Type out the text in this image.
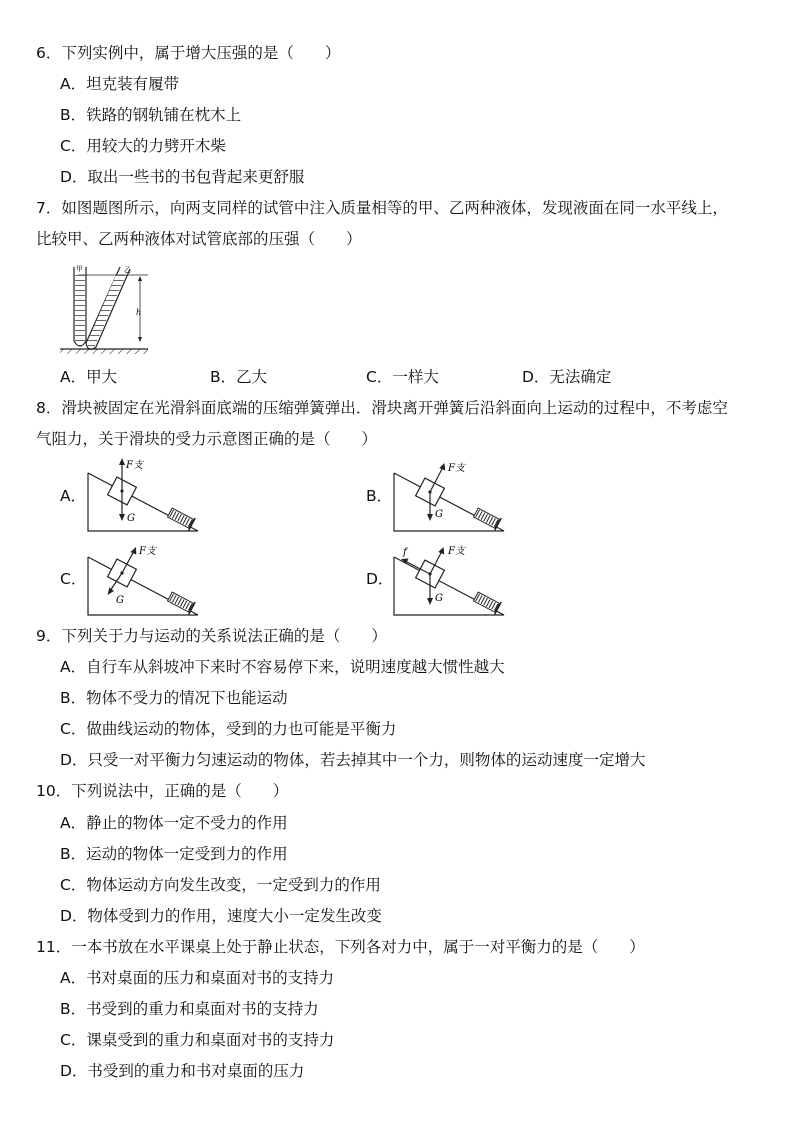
6．下列实例中，属于增大压强的是（　　）
A．坦克装有履带
B．铁路的钢轨铺在枕木上
C．用较大的力劈开木柴
D．取出一些书的书包背起来更舒服
7．如图题图所示，向两支同样的试管中注入质量相等的甲、乙两种液体，发现液面在同一水平线上，
比较甲、乙两种液体对试管底部的压强（　　）
甲	乙
h
A．甲大	B．乙大	C．一样大	D．无法确定
8．滑块被固定在光滑斜面底端的压缩弹簧弹出．滑块离开弹簧后沿斜面向上运动的过程中，不考虑空
气阻力，关于滑块的受力示意图正确的是（　　）
A．	B．
C．	D．
F支
G
F支
G
F支
G
f	F支
G
9．下列关于力与运动的关系说法正确的是（　　）
A．自行车从斜坡冲下来时不容易停下来，说明速度越大惯性越大
B．物体不受力的情况下也能运动
C．做曲线运动的物体，受到的力也可能是平衡力
D．只受一对平衡力匀速运动的物体，若去掉其中一个力，则物体的运动速度一定增大
10．下列说法中，正确的是（　　）
A．静止的物体一定不受力的作用
B．运动的物体一定受到力的作用
C．物体运动方向发生改变，一定受到力的作用
D．物体受到力的作用，速度大小一定发生改变
11．一本书放在水平课桌上处于静止状态，下列各对力中，属于一对平衡力的是（　　）
A．书对桌面的压力和桌面对书的支持力
B．书受到的重力和桌面对书的支持力
C．课桌受到的重力和桌面对书的支持力
D．书受到的重力和书对桌面的压力
